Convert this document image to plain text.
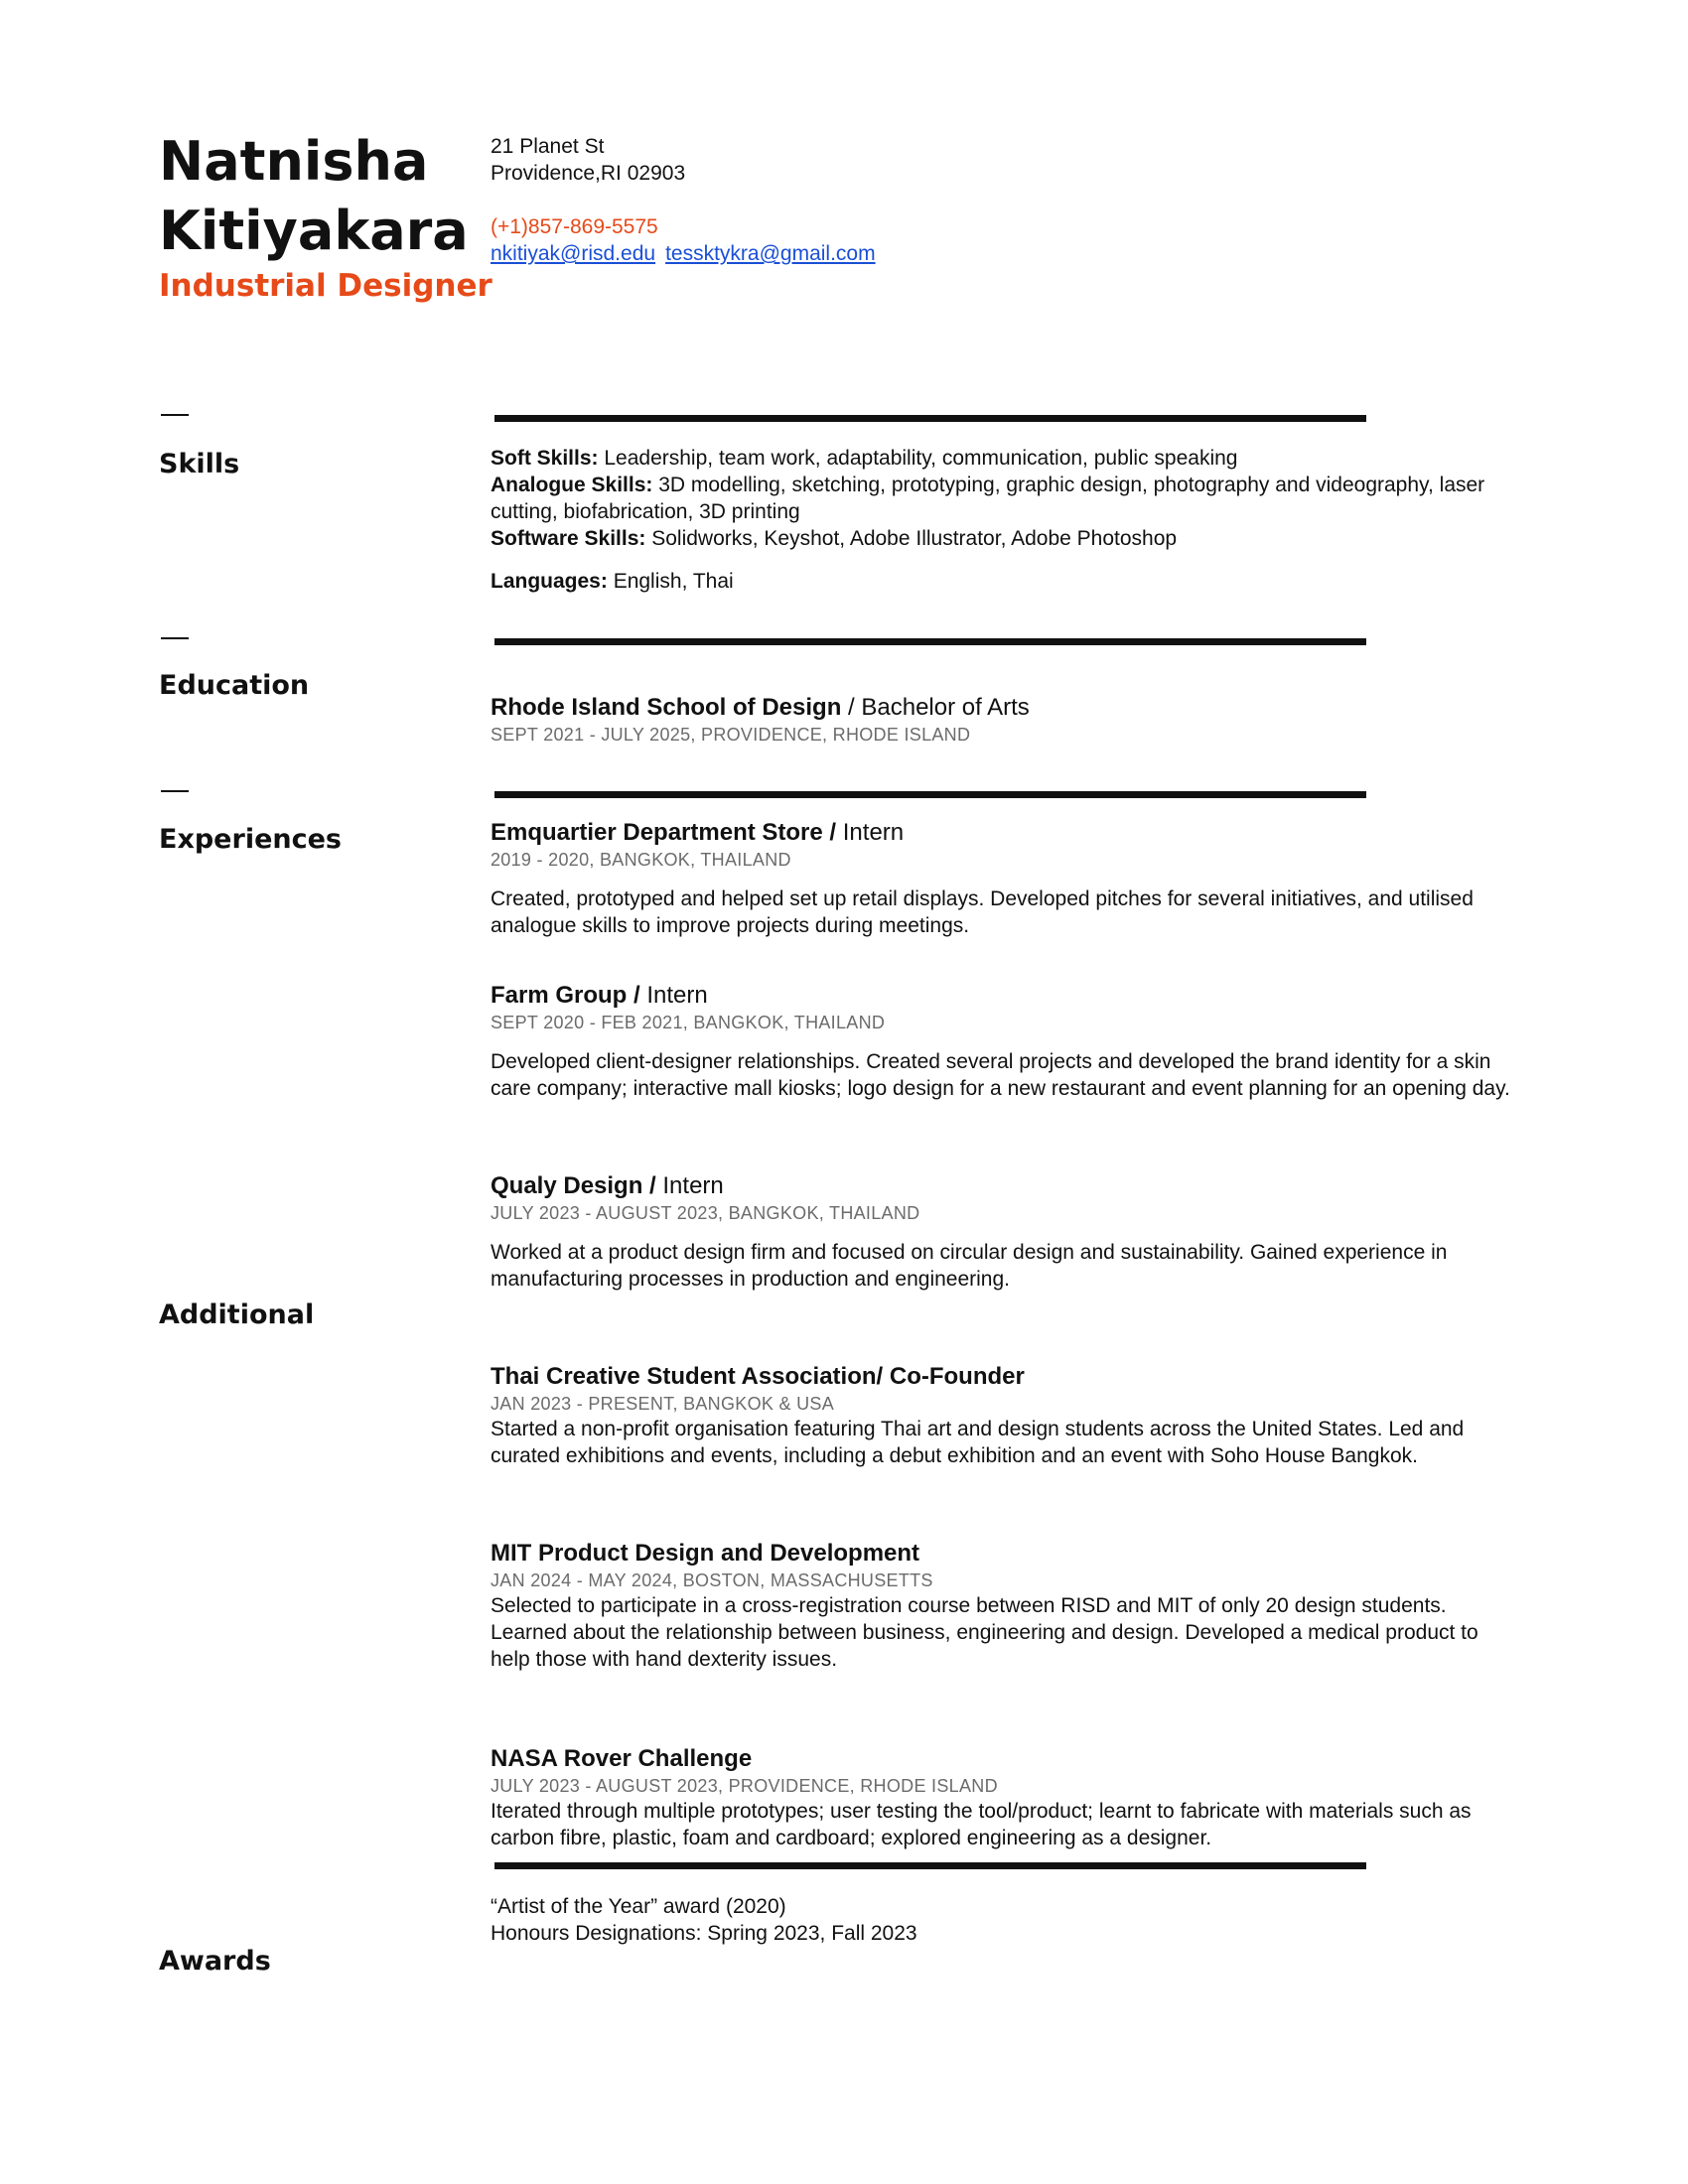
Natnisha
Kitiyakara
Industrial Designer
21 Planet St
Providence,RI 02903
(+1)857-869-5575
nkitiyak@risd.edu tessktykra@gmail.com
Skills	Soft Skills: Leadership, team work, adaptability, communication, public speaking
Analogue Skills: 3D modelling, sketching, prototyping, graphic design, photography and videography, laser cutting, biofabrication, 3D printing
Software Skills: Solidworks, Keyshot, Adobe Illustrator, Adobe Photoshop
Languages: English, Thai
Education
Rhode Island School of Design / Bachelor of Arts
SEPT 2021 - JULY 2025, PROVIDENCE, RHODE ISLAND
Experiences	Emquartier Department Store / Intern
2019 - 2020, BANGKOK, THAILAND
Created, prototyped and helped set up retail displays. Developed pitches for several initiatives, and utilised analogue skills to improve projects during meetings.
Farm Group / Intern
SEPT 2020 - FEB 2021, BANGKOK, THAILAND
Developed client-designer relationships. Created several projects and developed the brand identity for a skin care company; interactive mall kiosks; logo design for a new restaurant and event planning for an opening day.
Qualy Design / Intern
JULY 2023 - AUGUST 2023, BANGKOK, THAILAND
Worked at a product design firm and focused on circular design and sustainability. Gained experience in manufacturing processes in production and engineering.
Additional
Thai Creative Student Association/ Co-Founder
JAN 2023 - PRESENT, BANGKOK & USA
Started a non-profit organisation featuring Thai art and design students across the United States. Led and curated exhibitions and events, including a debut exhibition and an event with Soho House Bangkok.
MIT Product Design and Development
JAN 2024 - MAY 2024, BOSTON, MASSACHUSETTS
Selected to participate in a cross-registration course between RISD and MIT of only 20 design students. Learned about the relationship between business, engineering and design. Developed a medical product to help those with hand dexterity issues.
NASA Rover Challenge
JULY 2023 - AUGUST 2023, PROVIDENCE, RHODE ISLAND
Iterated through multiple prototypes; user testing the tool/product; learnt to fabricate with materials such as carbon fibre, plastic, foam and cardboard; explored engineering as a designer.
“Artist of the Year” award (2020)
Honours Designations: Spring 2023, Fall 2023
Awards
